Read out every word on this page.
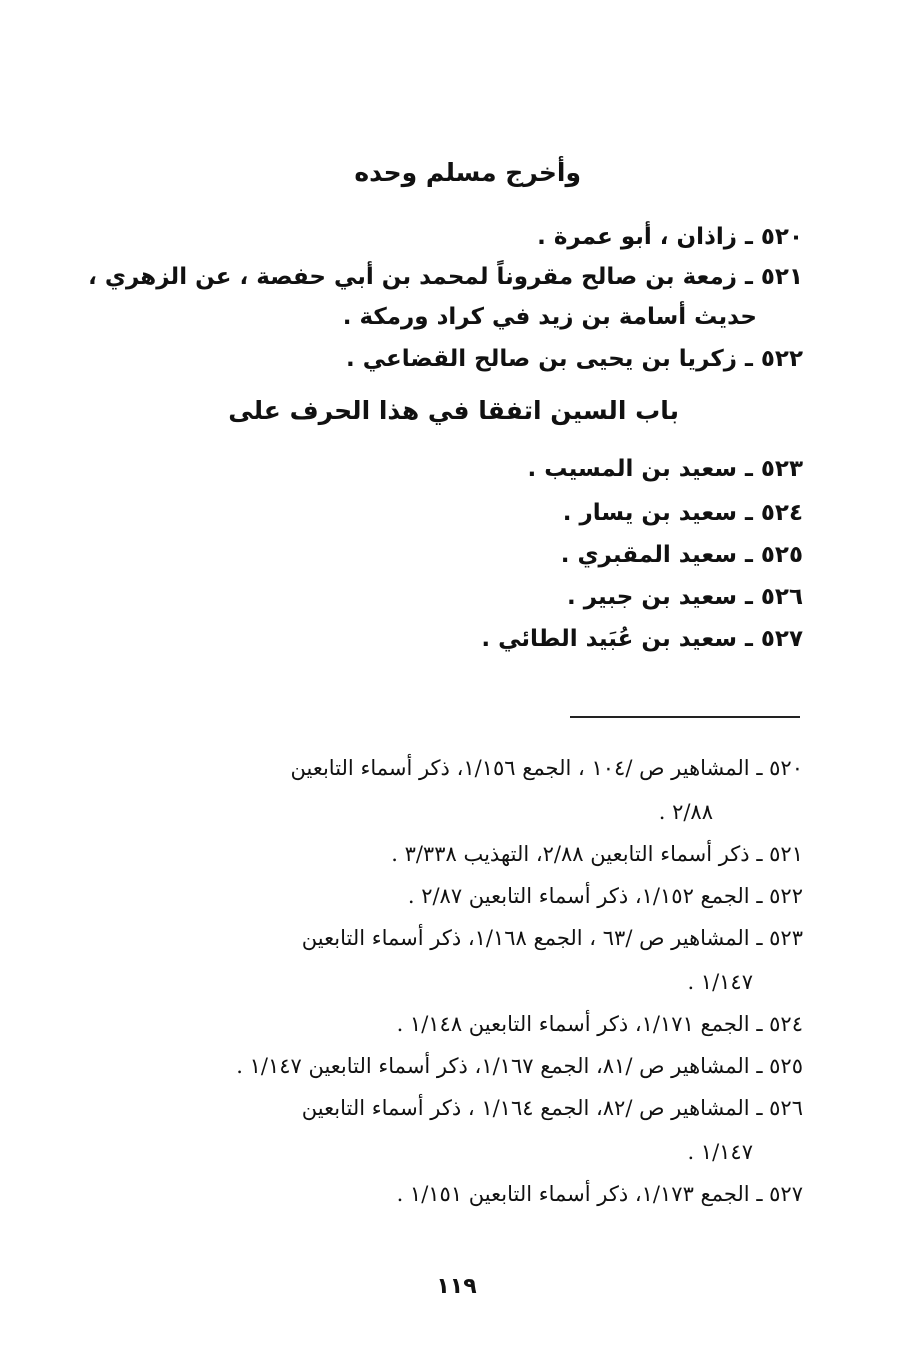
وأخرج مسلم وحده
٥٢٠ ـ زاذان ، أبو عمرة .
٥٢١ ـ زمعة بن صالح مقروناً لمحمد بن أبي حفصة ، عن الزهري ،
حديث أسامة بن زيد في كراد ورمكة .
٥٢٢ ـ زكريا بن يحيى بن صالح القضاعي .
باب السين اتفقا في هذا الحرف على
٥٢٣ ـ سعيد بن المسيب .
٥٢٤ ـ سعيد بن يسار .
٥٢٥ ـ سعيد المقبري .
٥٢٦ ـ سعيد بن جبير .
٥٢٧ ـ سعيد بن عُبَيد الطائي .
٥٢٠ ـ المشاهير ص /١٠٤ ، الجمع ١/١٥٦، ذكر أسماء التابعين
٢/٨٨ .
٥٢١ ـ ذكر أسماء التابعين ٢/٨٨، التهذيب ٣/٣٣٨ .
٥٢٢ ـ الجمع ١/١٥٢، ذكر أسماء التابعين ٢/٨٧ .
٥٢٣ ـ المشاهير ص /٦٣ ، الجمع ١/١٦٨، ذكر أسماء التابعين
١/١٤٧ .
٥٢٤ ـ الجمع ١/١٧١، ذكر أسماء التابعين ١/١٤٨ .
٥٢٥ ـ المشاهير ص /٨١، الجمع ١/١٦٧، ذكر أسماء التابعين ١/١٤٧ .
٥٢٦ ـ المشاهير ص /٨٢، الجمع ١/١٦٤ ، ذكر أسماء التابعين
١/١٤٧ .
٥٢٧ ـ الجمع ١/١٧٣، ذكر أسماء التابعين ١/١٥١ .
١١٩
